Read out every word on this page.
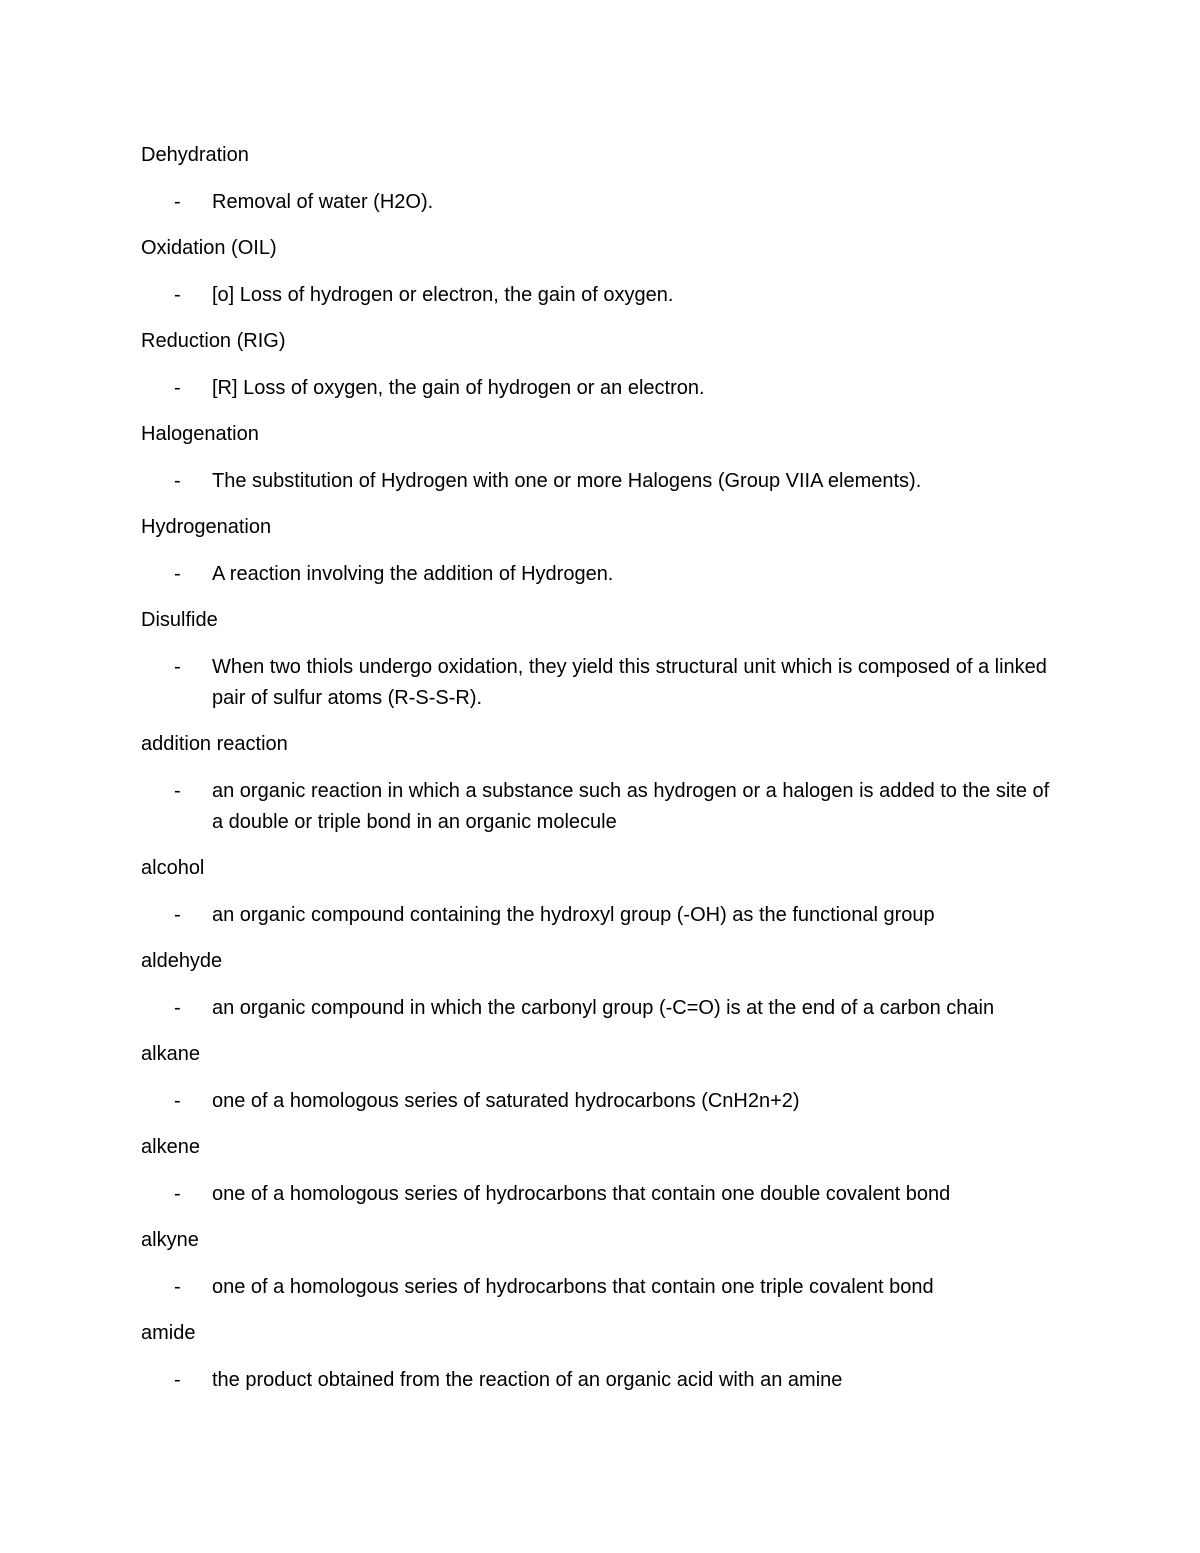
Dehydration
- Removal of water (H2O).
Oxidation (OIL)
- [o] Loss of hydrogen or electron, the gain of oxygen.
Reduction (RIG)
- [R] Loss of oxygen, the gain of hydrogen or an electron.
Halogenation
- The substitution of Hydrogen with one or more Halogens (Group VIIA elements).
Hydrogenation
- A reaction involving the addition of Hydrogen.
Disulfide
- When two thiols undergo oxidation, they yield this structural unit which is composed of a linked pair of sulfur atoms (R-S-S-R).
addition reaction
- an organic reaction in which a substance such as hydrogen or a halogen is added to the site of a double or triple bond in an organic molecule
alcohol
- an organic compound containing the hydroxyl group (-OH) as the functional group
aldehyde
- an organic compound in which the carbonyl group (-C=O) is at the end of a carbon chain
alkane
- one of a homologous series of saturated hydrocarbons (CnH2n+2)
alkene
- one of a homologous series of hydrocarbons that contain one double covalent bond
alkyne
- one of a homologous series of hydrocarbons that contain one triple covalent bond
amide
- the product obtained from the reaction of an organic acid with an amine
